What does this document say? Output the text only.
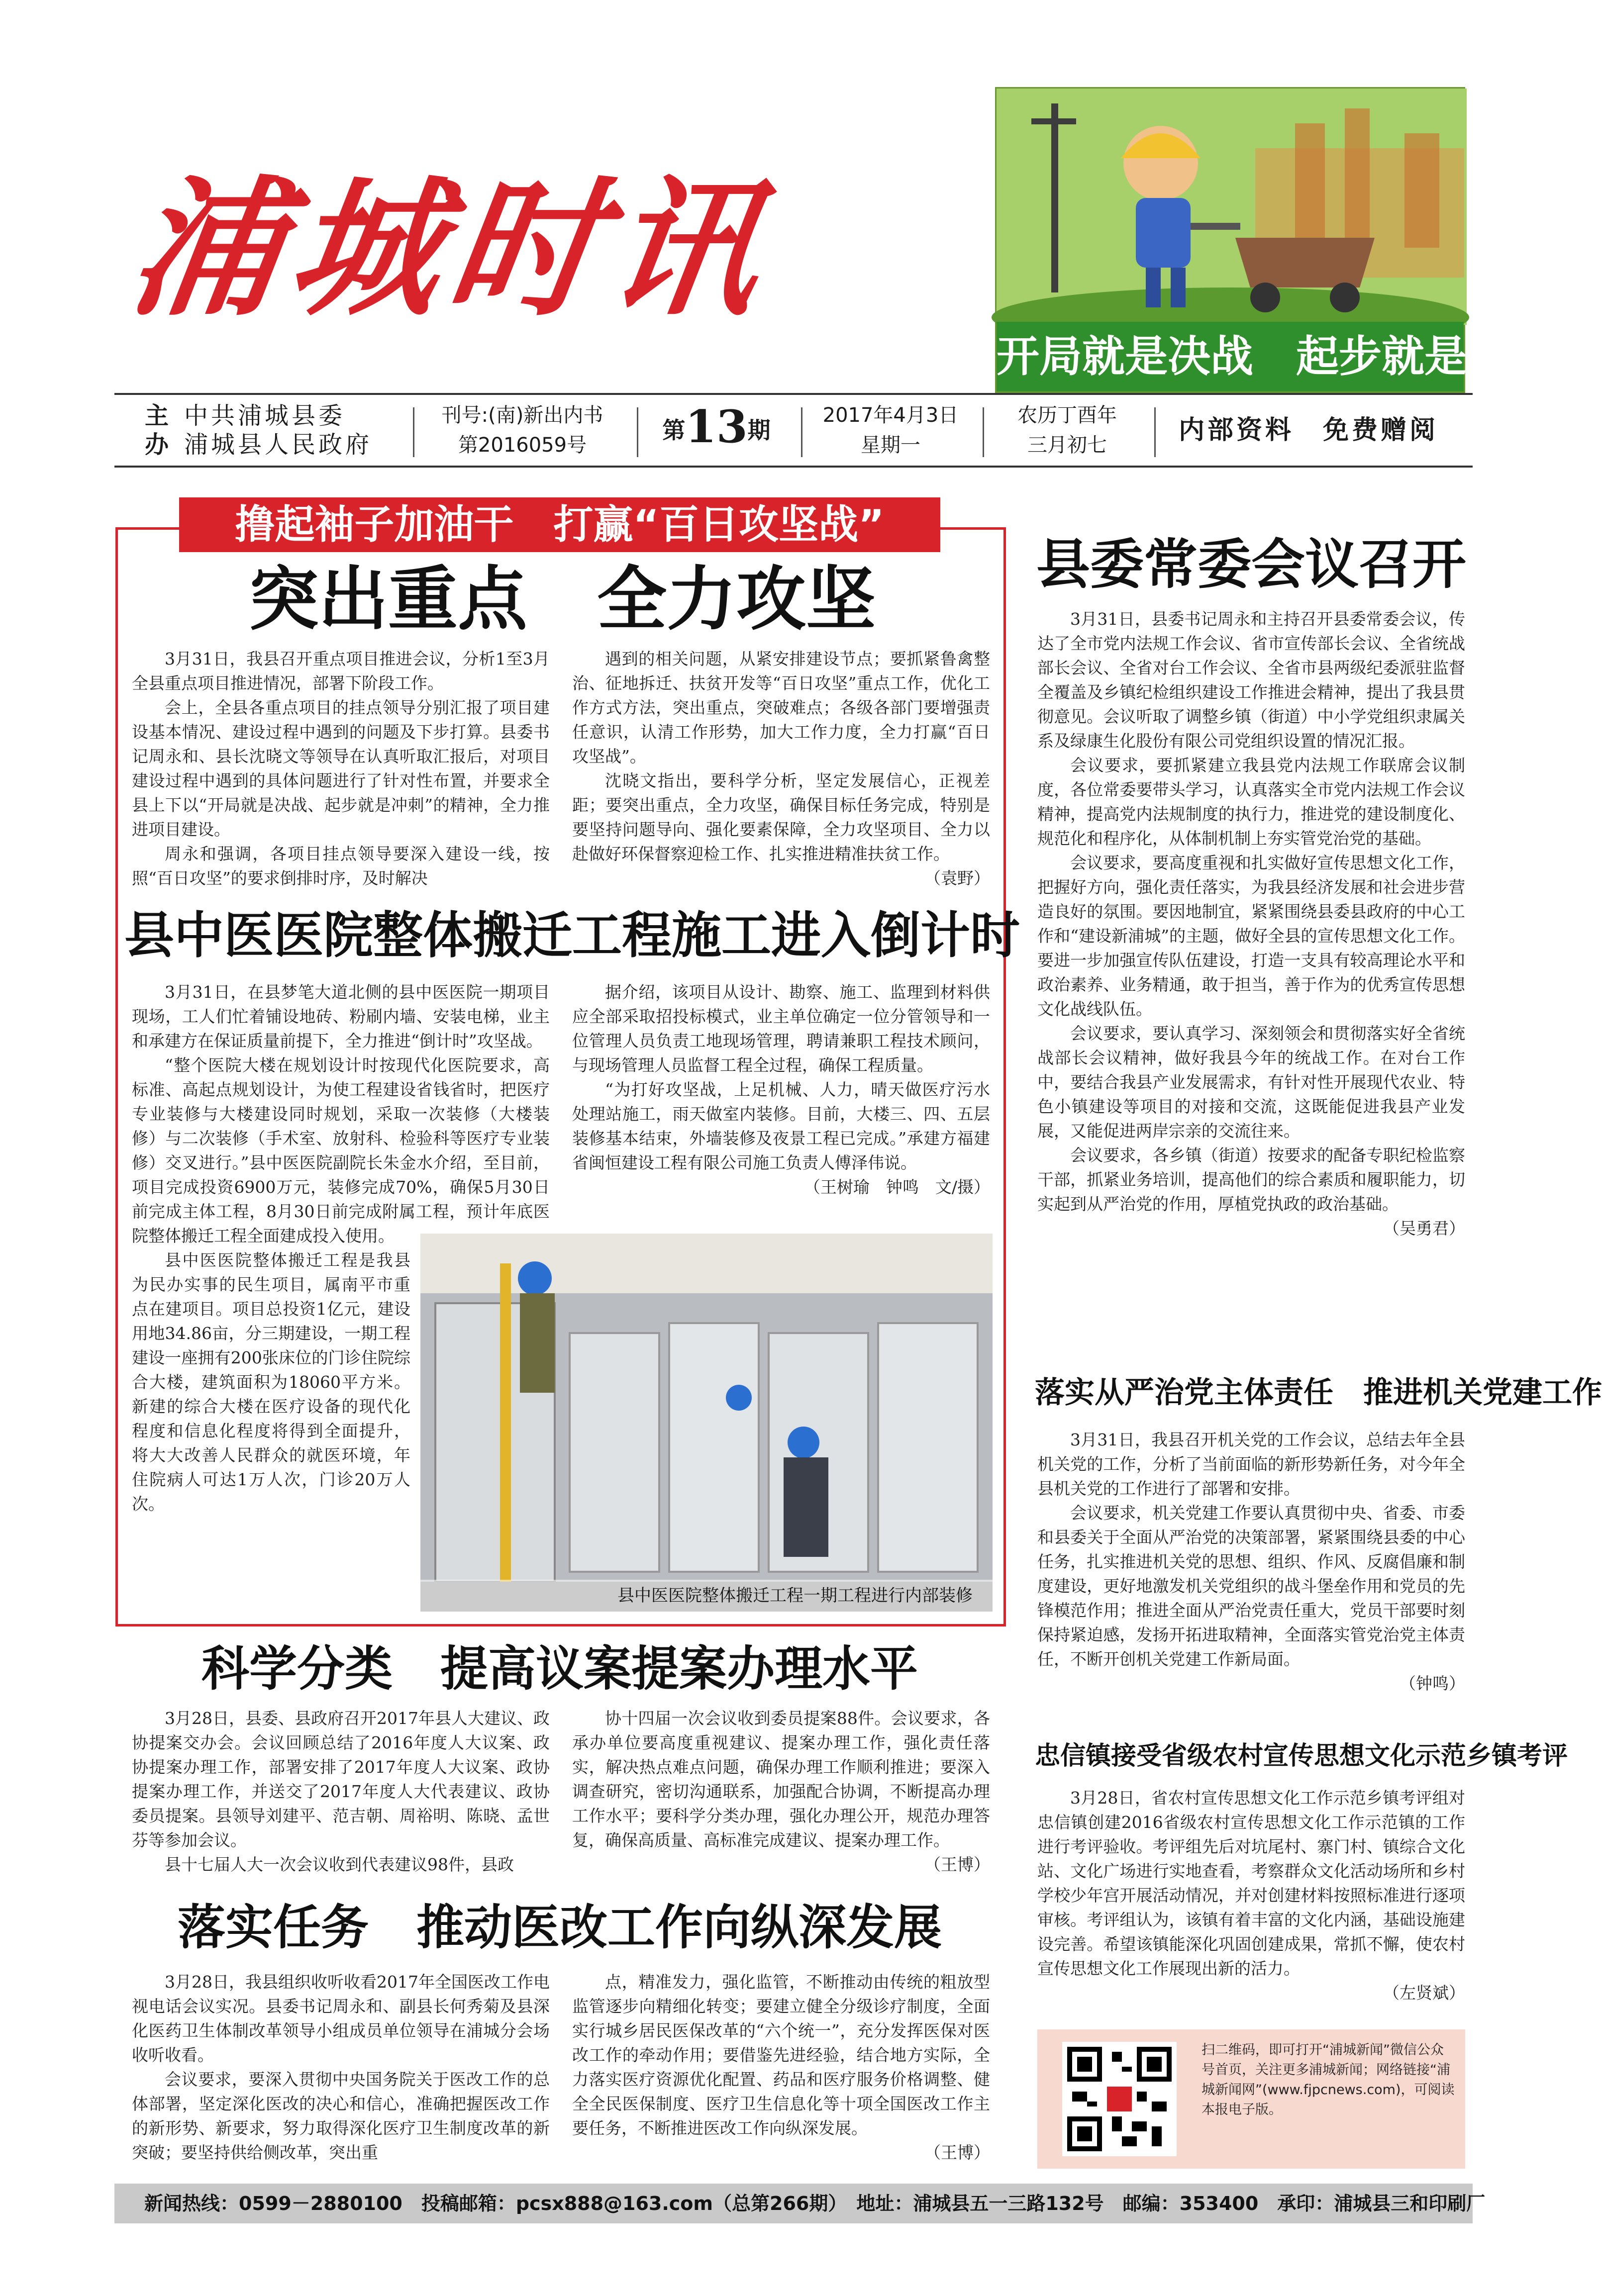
浦城时讯
开局就是决战　起步就是冲刺
主
办
中共浦城县委
浦城县人民政府
刊号:(南)新出内书
第2016059号
第 13 期
2017年4月3日
星期一
农历丁酉年
三月初七	内部资料　免费赠阅
撸起袖子加油干　打赢“百日攻坚战”
突出重点　全力攻坚

3月31日，我县召开重点项目推进会议，分析1至3月全县重点项目推进情况，部署下阶段工作。

会上，全县各重点项目的挂点领导分别汇报了项目建设基本情况、建设过程中遇到的问题及下步打算。县委书记周永和、县长沈晓文等领导在认真听取汇报后，对项目建设过程中遇到的具体问题进行了针对性布置，并要求全县上下以“开局就是决战、起步就是冲刺”的精神，全力推进项目建设。

周永和强调，各项目挂点领导要深入建设一线，按照“百日攻坚”的要求倒排时序，及时解决

遇到的相关问题，从紧安排建设节点；要抓紧鲁禽整治、征地拆迁、扶贫开发等“百日攻坚”重点工作，优化工作方式方法，突出重点，突破难点；各级各部门要增强责任意识，认清工作形势，加大工作力度，全力打赢“百日攻坚战”。

沈晓文指出，要科学分析，坚定发展信心，正视差距；要突出重点，全力攻坚，确保目标任务完成，特别是要坚持问题导向、强化要素保障，全力攻坚项目、全力以赴做好环保督察迎检工作、扎实推进精准扶贫工作。

（袁野）
县中医医院整体搬迁工程施工进入倒计时

3月31日，在县梦笔大道北侧的县中医医院一期项目现场，工人们忙着铺设地砖、粉刷内墙、安装电梯，业主和承建方在保证质量前提下，全力推进“倒计时”攻坚战。

“整个医院大楼在规划设计时按现代化医院要求，高标准、高起点规划设计，为使工程建设省钱省时，把医疗专业装修与大楼建设同时规划，采取一次装修（大楼装修）与二次装修（手术室、放射科、检验科等医疗专业装修）交叉进行。”县中医医院副院长朱金水介绍，至目前，项目完成投资6900万元，装修完成70%，确保5月30日前完成主体工程，8月30日前完成附属工程，预计年底医院整体搬迁工程全面建成投入使用。

县中医医院整体搬迁工程是我县为民办实事的民生项目，属南平市重点在建项目。项目总投资1亿元，建设用地34.86亩，分三期建设，一期工程建设一座拥有200张床位的门诊住院综合大楼，建筑面积为18060平方米。新建的综合大楼在医疗设备的现代化程度和信息化程度将得到全面提升，将大大改善人民群众的就医环境，年住院病人可达1万人次，门诊20万人次。

据介绍，该项目从设计、勘察、施工、监理到材料供应全部采取招投标模式，业主单位确定一位分管领导和一位管理人员负责工地现场管理，聘请兼职工程技术顾问，与现场管理人员监督工程全过程，确保工程质量。

“为打好攻坚战，上足机械、人力，晴天做医疗污水处理站施工，雨天做室内装修。目前，大楼三、四、五层装修基本结束，外墙装修及夜景工程已完成。”承建方福建省闽恒建设工程有限公司施工负责人傅泽伟说。

（王树瑜　钟鸣　文/摄）
县中医医院整体搬迁工程一期工程进行内部装修
科学分类　提高议案提案办理水平

3月28日，县委、县政府召开2017年县人大建议、政协提案交办会。会议回顾总结了2016年度人大议案、政协提案办理工作，部署安排了2017年度人大议案、政协提案办理工作，并送交了2017年度人大代表建议、政协委员提案。县领导刘建平、范吉朝、周裕明、陈晓、孟世芬等参加会议。

县十七届人大一次会议收到代表建议98件，县政

协十四届一次会议收到委员提案88件。会议要求，各承办单位要高度重视建议、提案办理工作，强化责任落实，解决热点难点问题，确保办理工作顺利推进；要深入调查研究，密切沟通联系，加强配合协调，不断提高办理工作水平；要科学分类办理，强化办理公开，规范办理答复，确保高质量、高标准完成建议、提案办理工作。

（王博）
落实任务　推动医改工作向纵深发展

3月28日，我县组织收听收看2017年全国医改工作电视电话会议实况。县委书记周永和、副县长何秀菊及县深化医药卫生体制改革领导小组成员单位领导在浦城分会场收听收看。

会议要求，要深入贯彻中央国务院关于医改工作的总体部署，坚定深化医改的决心和信心，准确把握医改工作的新形势、新要求，努力取得深化医疗卫生制度改革的新突破；要坚持供给侧改革，突出重

点，精准发力，强化监管，不断推动由传统的粗放型监管逐步向精细化转变；要建立健全分级诊疗制度，全面实行城乡居民医保改革的“六个统一”，充分发挥医保对医改工作的牵动作用；要借鉴先进经验，结合地方实际，全力落实医疗资源优化配置、药品和医疗服务价格调整、健全全民医保制度、医疗卫生信息化等十项全国医改工作主要任务，不断推进医改工作向纵深发展。

（王博）
县委常委会议召开

3月31日，县委书记周永和主持召开县委常委会议，传达了全市党内法规工作会议、省市宣传部长会议、全省统战部长会议、全省对台工作会议、全省市县两级纪委派驻监督全覆盖及乡镇纪检组织建设工作推进会精神，提出了我县贯彻意见。会议听取了调整乡镇（街道）中小学党组织隶属关系及绿康生化股份有限公司党组织设置的情况汇报。

会议要求，要抓紧建立我县党内法规工作联席会议制度，各位常委要带头学习，认真落实全市党内法规工作会议精神，提高党内法规制度的执行力，推进党的建设制度化、规范化和程序化，从体制机制上夯实管党治党的基础。

会议要求，要高度重视和扎实做好宣传思想文化工作，把握好方向，强化责任落实，为我县经济发展和社会进步营造良好的氛围。要因地制宜，紧紧围绕县委县政府的中心工作和“建设新浦城”的主题，做好全县的宣传思想文化工作。要进一步加强宣传队伍建设，打造一支具有较高理论水平和政治素养、业务精通，敢于担当，善于作为的优秀宣传思想文化战线队伍。

会议要求，要认真学习、深刻领会和贯彻落实好全省统战部长会议精神，做好我县今年的统战工作。在对台工作中，要结合我县产业发展需求，有针对性开展现代农业、特色小镇建设等项目的对接和交流，这既能促进我县产业发展，又能促进两岸宗亲的交流往来。

会议要求，各乡镇（街道）按要求的配备专职纪检监察干部，抓紧业务培训，提高他们的综合素质和履职能力，切实起到从严治党的作用，厚植党执政的政治基础。

（吴勇君）
落实从严治党主体责任　推进机关党建工作

3月31日，我县召开机关党的工作会议，总结去年全县机关党的工作，分析了当前面临的新形势新任务，对今年全县机关党的工作进行了部署和安排。

会议要求，机关党建工作要认真贯彻中央、省委、市委和县委关于全面从严治党的决策部署，紧紧围绕县委的中心任务，扎实推进机关党的思想、组织、作风、反腐倡廉和制度建设，更好地激发机关党组织的战斗堡垒作用和党员的先锋模范作用；推进全面从严治党责任重大，党员干部要时刻保持紧迫感，发扬开拓进取精神，全面落实管党治党主体责任，不断开创机关党建工作新局面。

（钟鸣）
忠信镇接受省级农村宣传思想文化示范乡镇考评

3月28日，省农村宣传思想文化工作示范乡镇考评组对忠信镇创建2016省级农村宣传思想文化工作示范镇的工作进行考评验收。考评组先后对坑尾村、寨门村、镇综合文化站、文化广场进行实地查看，考察群众文化活动场所和乡村学校少年宫开展活动情况，并对创建材料按照标准进行逐项审核。考评组认为，该镇有着丰富的文化内涵，基础设施建设完善。希望该镇能深化巩固创建成果，常抓不懈，使农村宣传思想文化工作展现出新的活力。

（左贤斌）
扫二维码，即可打开“浦城新闻”微信公众号首页，关注更多浦城新闻；网络链接“浦城新闻网”(www.fjpcnews.com)，可阅读本报电子版。
新闻热线：0599－2880100　投稿邮箱：pcsx888@163.com（总第266期）　地址：浦城县五一三路132号　邮编：353400　承印：浦城县三和印刷厂
